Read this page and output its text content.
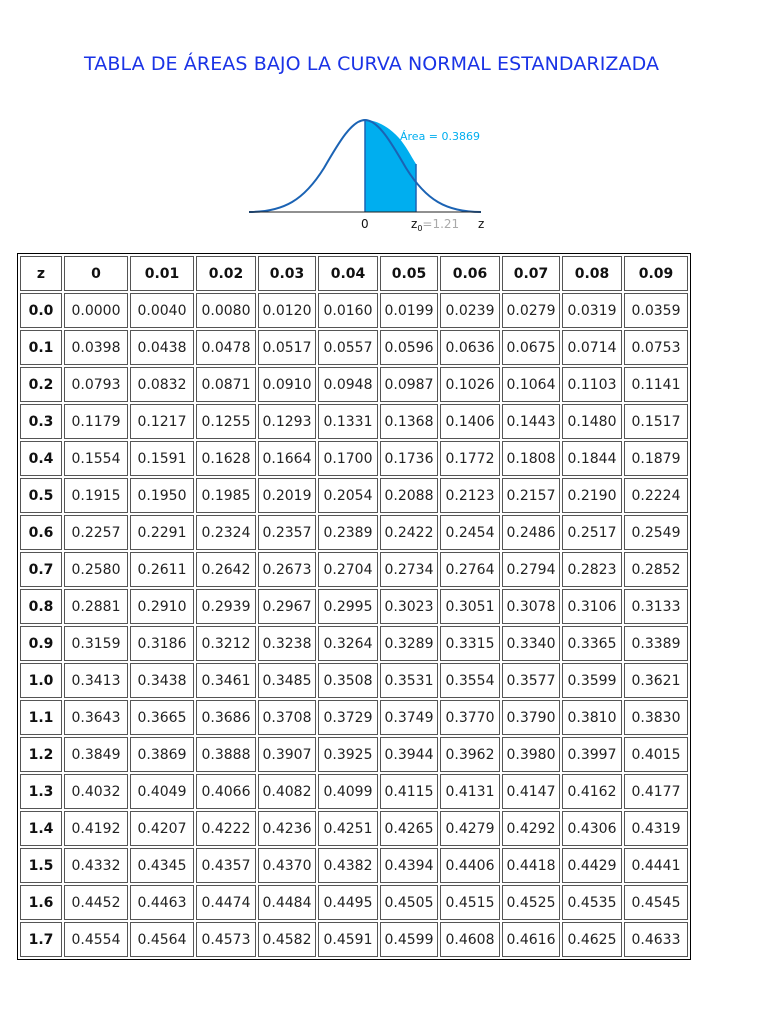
TABLA DE ÁREAS BAJO LA CURVA NORMAL ESTANDARIZADA
Área = 0.3869
0	$z_0=1.21$ z
z	0	0.01	0.02	0.03	0.04	0.05	0.06	0.07	0.08	0.09
0.0	0.0000	0.0040	0.0080	0.0120	0.0160	0.0199	0.0239	0.0279	0.0319	0.0359
0.1	0.0398	0.0438	0.0478	0.0517	0.0557	0.0596	0.0636	0.0675	0.0714	0.0753
0.2	0.0793	0.0832	0.0871	0.0910	0.0948	0.0987	0.1026	0.1064	0.1103	0.1141
0.3	0.1179	0.1217	0.1255	0.1293	0.1331	0.1368	0.1406	0.1443	0.1480	0.1517
0.4	0.1554	0.1591	0.1628	0.1664	0.1700	0.1736	0.1772	0.1808	0.1844	0.1879
0.5	0.1915	0.1950	0.1985	0.2019	0.2054	0.2088	0.2123	0.2157	0.2190	0.2224
0.6	0.2257	0.2291	0.2324	0.2357	0.2389	0.2422	0.2454	0.2486	0.2517	0.2549
0.7	0.2580	0.2611	0.2642	0.2673	0.2704	0.2734	0.2764	0.2794	0.2823	0.2852
0.8	0.2881	0.2910	0.2939	0.2967	0.2995	0.3023	0.3051	0.3078	0.3106	0.3133
0.9	0.3159	0.3186	0.3212	0.3238	0.3264	0.3289	0.3315	0.3340	0.3365	0.3389
1.0	0.3413	0.3438	0.3461	0.3485	0.3508	0.3531	0.3554	0.3577	0.3599	0.3621
1.1	0.3643	0.3665	0.3686	0.3708	0.3729	0.3749	0.3770	0.3790	0.3810	0.3830
1.2	0.3849	0.3869	0.3888	0.3907	0.3925	0.3944	0.3962	0.3980	0.3997	0.4015
1.3	0.4032	0.4049	0.4066	0.4082	0.4099	0.4115	0.4131	0.4147	0.4162	0.4177
1.4	0.4192	0.4207	0.4222	0.4236	0.4251	0.4265	0.4279	0.4292	0.4306	0.4319
1.5	0.4332	0.4345	0.4357	0.4370	0.4382	0.4394	0.4406	0.4418	0.4429	0.4441
1.6	0.4452	0.4463	0.4474	0.4484	0.4495	0.4505	0.4515	0.4525	0.4535	0.4545
1.7	0.4554	0.4564	0.4573	0.4582	0.4591	0.4599	0.4608	0.4616	0.4625	0.4633
